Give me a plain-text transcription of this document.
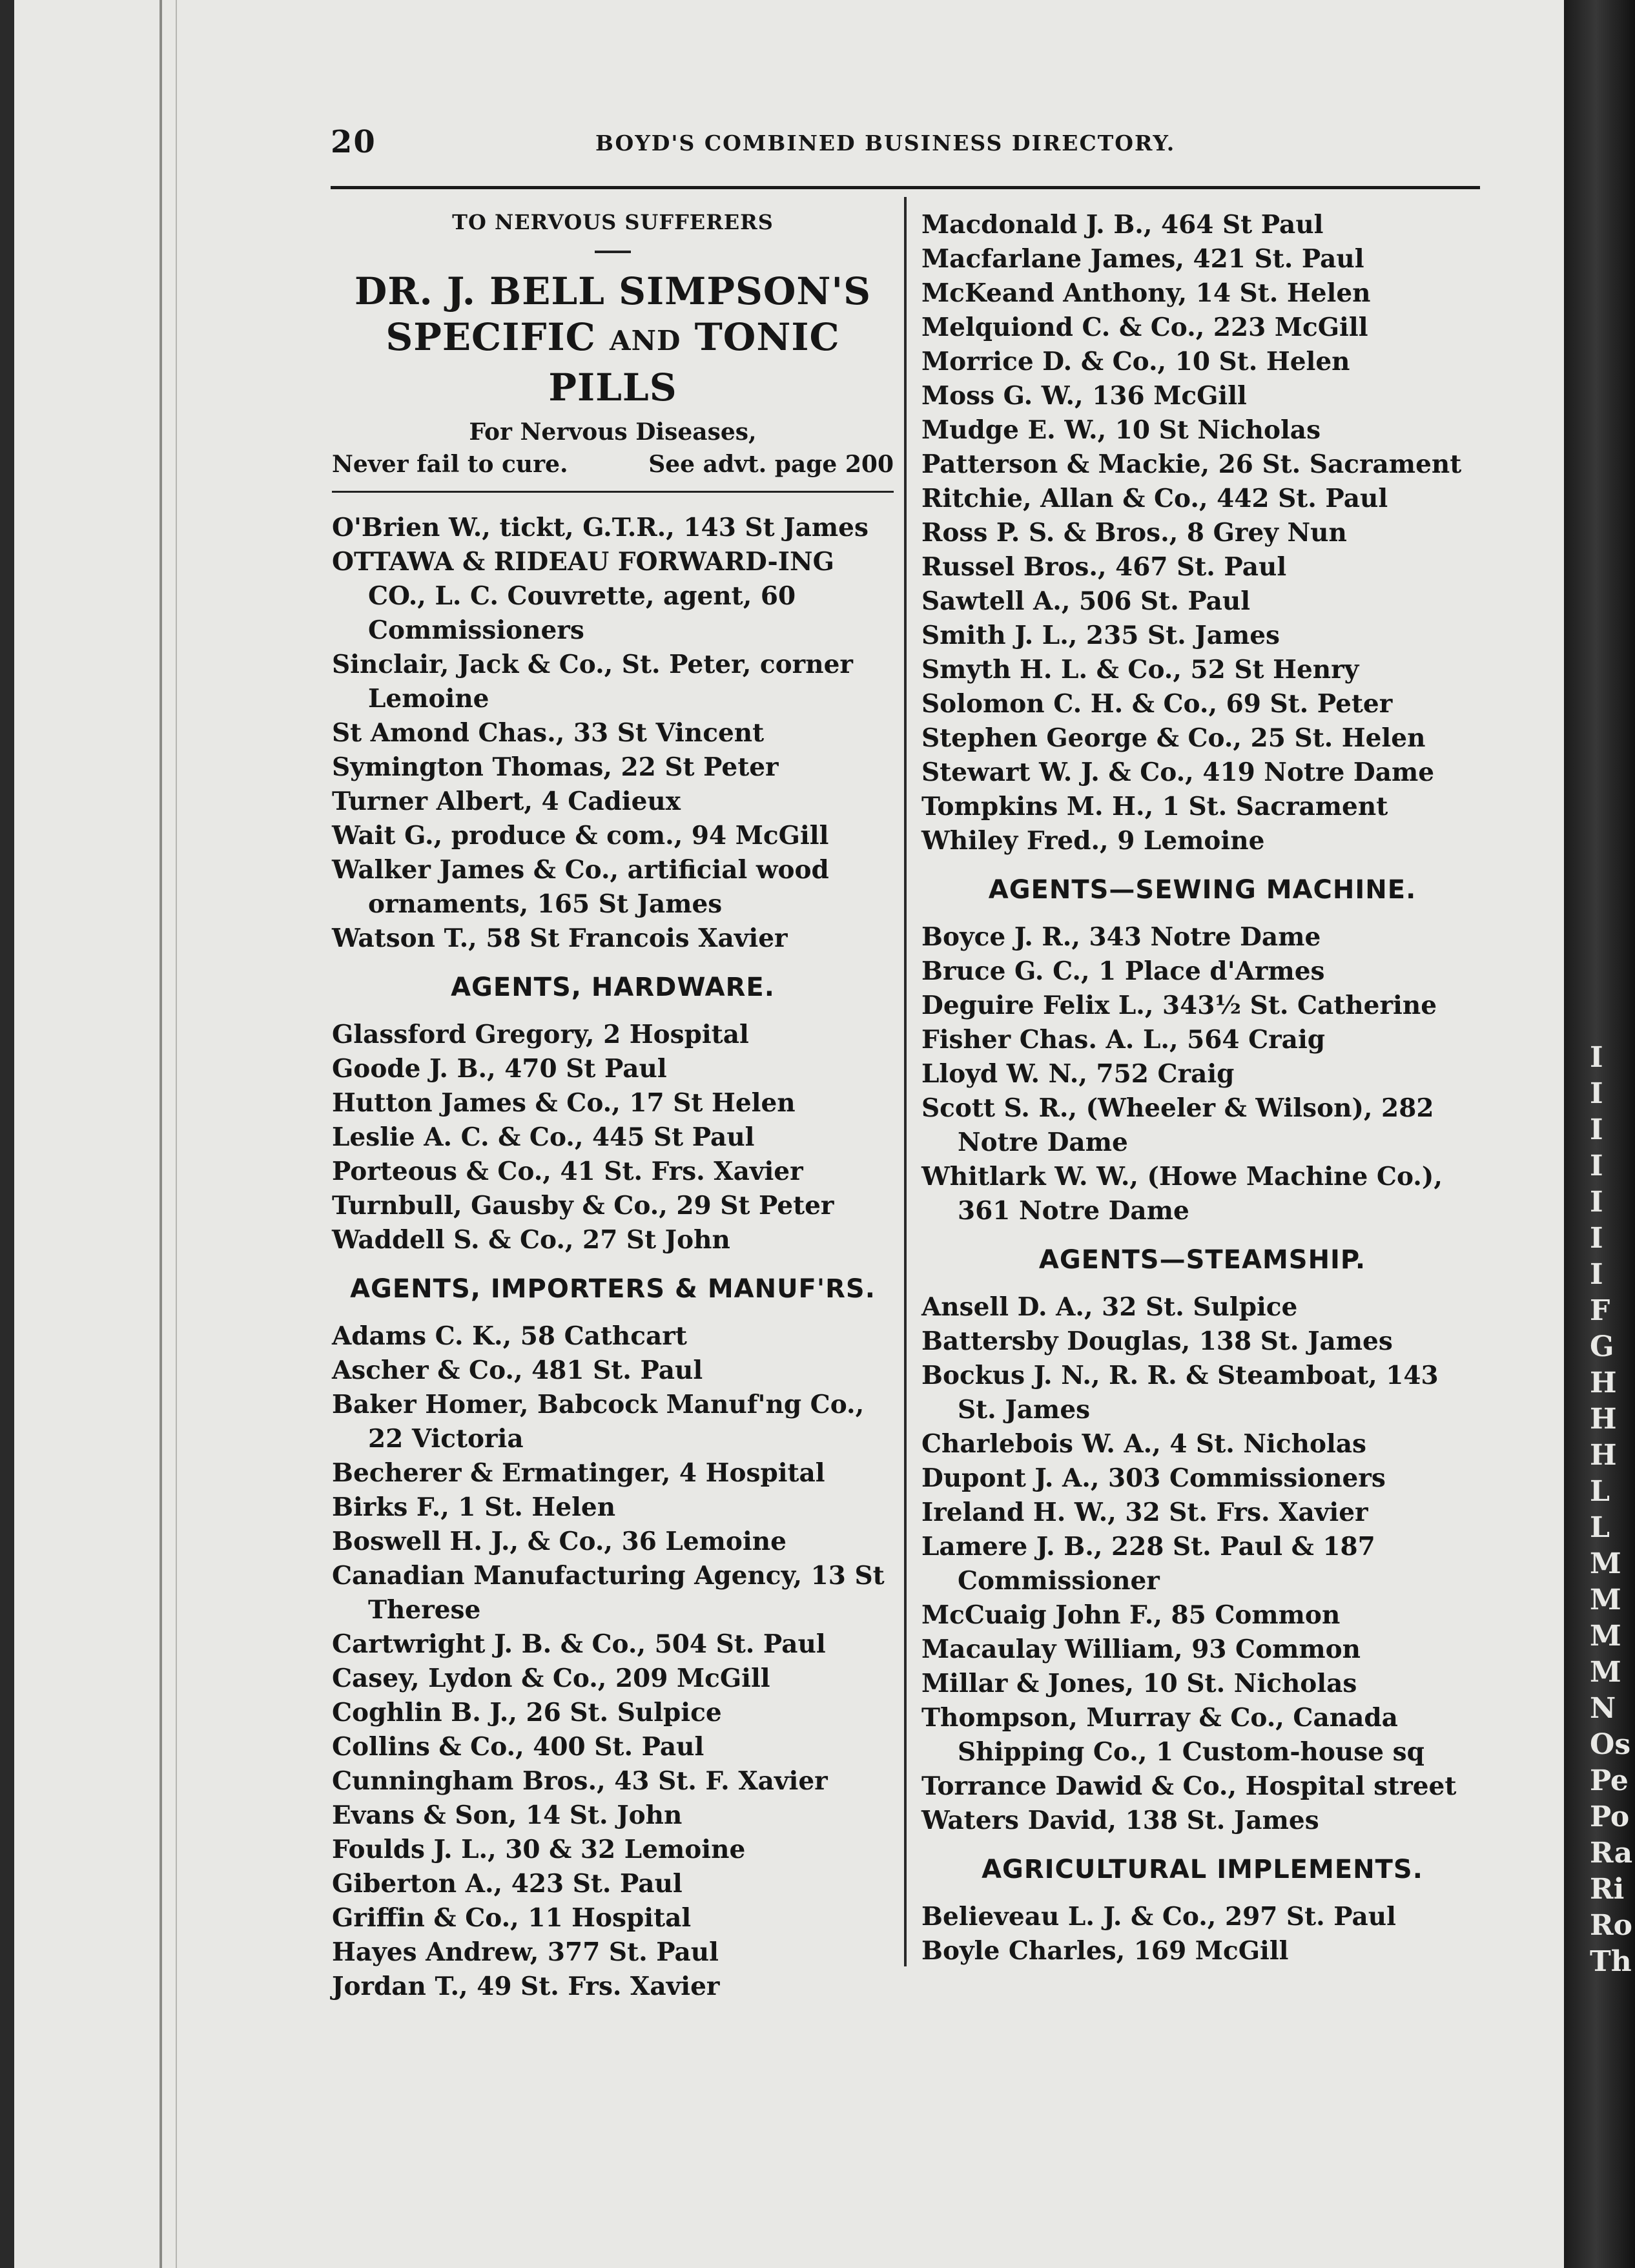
20	BOYD'S COMBINED BUSINESS DIRECTORY.
TO NERVOUS SUFFERERS
DR. J. BELL SIMPSON'S
SPECIFIC AND TONIC PILLS
For Nervous Diseases,
Never fail to cure.	See advt. page 200
O'Brien W., tickt, G.T.R., 143 St James
OTTAWA & RIDEAU FORWARD-ING CO., L. C. Couvrette, agent, 60 Commissioners
Sinclair, Jack & Co., St. Peter, corner Lemoine
St Amond Chas., 33 St Vincent
Symington Thomas, 22 St Peter
Turner Albert, 4 Cadieux
Wait G., produce & com., 94 McGill
Walker James & Co., artificial wood ornaments, 165 St James
Watson T., 58 St Francois Xavier
AGENTS, HARDWARE.
Glassford Gregory, 2 Hospital
Goode J. B., 470 St Paul
Hutton James & Co., 17 St Helen
Leslie A. C. & Co., 445 St Paul
Porteous & Co., 41 St. Frs. Xavier
Turnbull, Gausby & Co., 29 St Peter
Waddell S. & Co., 27 St John
AGENTS, IMPORTERS & MANUF'RS.
Adams C. K., 58 Cathcart
Ascher & Co., 481 St. Paul
Baker Homer, Babcock Manuf'ng Co., 22 Victoria
Becherer & Ermatinger, 4 Hospital
Birks F., 1 St. Helen
Boswell H. J., & Co., 36 Lemoine
Canadian Manufacturing Agency, 13 St Therese
Cartwright J. B. & Co., 504 St. Paul
Casey, Lydon & Co., 209 McGill
Coghlin B. J., 26 St. Sulpice
Collins & Co., 400 St. Paul
Cunningham Bros., 43 St. F. Xavier
Evans & Son, 14 St. John
Foulds J. L., 30 & 32 Lemoine
Giberton A., 423 St. Paul
Griffin & Co., 11 Hospital
Hayes Andrew, 377 St. Paul
Jordan T., 49 St. Frs. Xavier
Macdonald J. B., 464 St Paul
Macfarlane James, 421 St. Paul
McKeand Anthony, 14 St. Helen
Melquiond C. & Co., 223 McGill
Morrice D. & Co., 10 St. Helen
Moss G. W., 136 McGill
Mudge E. W., 10 St Nicholas
Patterson & Mackie, 26 St. Sacrament
Ritchie, Allan & Co., 442 St. Paul
Ross P. S. & Bros., 8 Grey Nun
Russel Bros., 467 St. Paul
Sawtell A., 506 St. Paul
Smith J. L., 235 St. James
Smyth H. L. & Co., 52 St Henry
Solomon C. H. & Co., 69 St. Peter
Stephen George & Co., 25 St. Helen
Stewart W. J. & Co., 419 Notre Dame
Tompkins M. H., 1 St. Sacrament
Whiley Fred., 9 Lemoine
AGENTS—SEWING MACHINE.
Boyce J. R., 343 Notre Dame
Bruce G. C., 1 Place d'Armes
Deguire Felix L., 343½ St. Catherine
Fisher Chas. A. L., 564 Craig
Lloyd W. N., 752 Craig
Scott S. R., (Wheeler & Wilson), 282 Notre Dame
Whitlark W. W., (Howe Machine Co.), 361 Notre Dame
AGENTS—STEAMSHIP.
Ansell D. A., 32 St. Sulpice
Battersby Douglas, 138 St. James
Bockus J. N., R. R. & Steamboat, 143 St. James
Charlebois W. A., 4 St. Nicholas
Dupont J. A., 303 Commissioners
Ireland H. W., 32 St. Frs. Xavier
Lamere J. B., 228 St. Paul & 187 Commissioner
McCuaig John F., 85 Common
Macaulay William, 93 Common
Millar & Jones, 10 St. Nicholas
Thompson, Murray & Co., Canada Shipping Co., 1 Custom-house sq
Torrance Dawid & Co., Hospital street
Waters David, 138 St. James
AGRICULTURAL IMPLEMENTS.
Believeau L. J. & Co., 297 St. Paul
Boyle Charles, 169 McGill
I
I
I
I
I
I
I
F
G
H
H
H
L
L
M
M
M
M
N
Os
Pe
Po
Ra
Ri
Ro
Th
